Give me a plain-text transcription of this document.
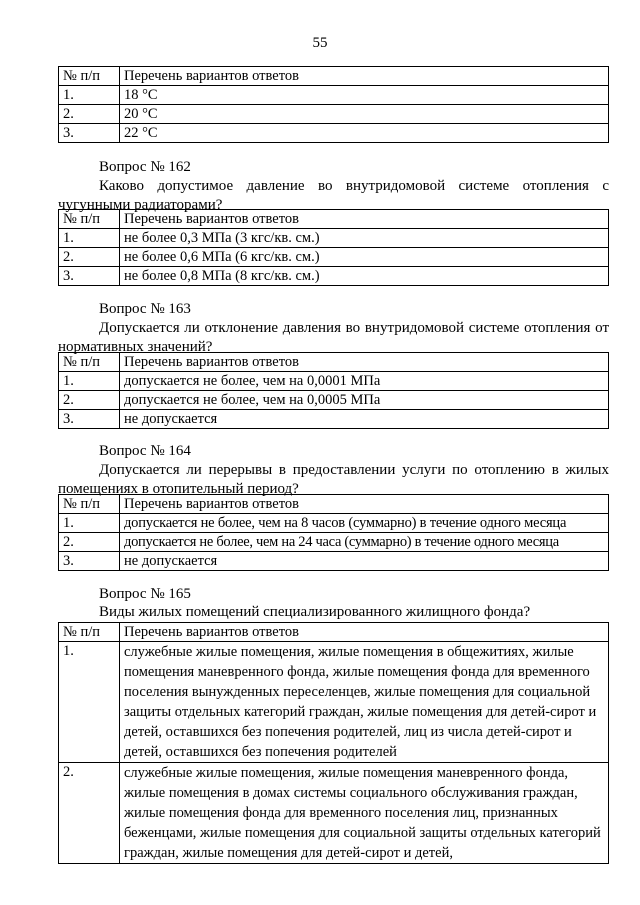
55
№ п/п	Перечень вариантов ответов
1.	18 °С
2.	20 °С
3.	22 °С
Вопрос № 162
Каково допустимое давление во внутридомовой системе отопления с чугунными радиаторами?
№ п/п	Перечень вариантов ответов
1.	не более 0,3 МПа (3 кгс/кв. см.)
2.	не более 0,6 МПа (6 кгс/кв. см.)
3.	не более 0,8 МПа (8 кгс/кв. см.)
Вопрос № 163
Допускается ли отклонение давления во внутридомовой системе отопления от нормативных значений?
№ п/п	Перечень вариантов ответов
1.	допускается не более, чем на 0,0001 МПа
2.	допускается не более, чем на 0,0005 МПа
3.	не допускается
Вопрос № 164
Допускается ли перерывы в предоставлении услуги по отоплению в жилых помещениях в отопительный период?
№ п/п	Перечень вариантов ответов
1.	допускается не более, чем на 8 часов (суммарно) в течение одного месяца
2.	допускается не более, чем на 24 часа (суммарно) в течение одного месяца
3.	не допускается
Вопрос № 165
Виды жилых помещений специализированного жилищного фонда?
№ п/п	Перечень вариантов ответов
1.	служебные жилые помещения, жилые помещения в общежитиях, жилые помещения маневренного фонда, жилые помещения фонда для временного поселения вынужденных переселенцев, жилые помещения для социальной защиты отдельных категорий граждан, жилые помещения для детей-сирот и детей, оставшихся без попечения родителей, лиц из числа детей-сирот и детей, оставшихся без попечения родителей
2.	служебные жилые помещения, жилые помещения маневренного фонда, жилые помещения в домах системы социального обслуживания граждан, жилые помещения фонда для временного поселения лиц, признанных беженцами, жилые помещения для социальной защиты отдельных категорий граждан, жилые помещения для детей-сирот и детей,
